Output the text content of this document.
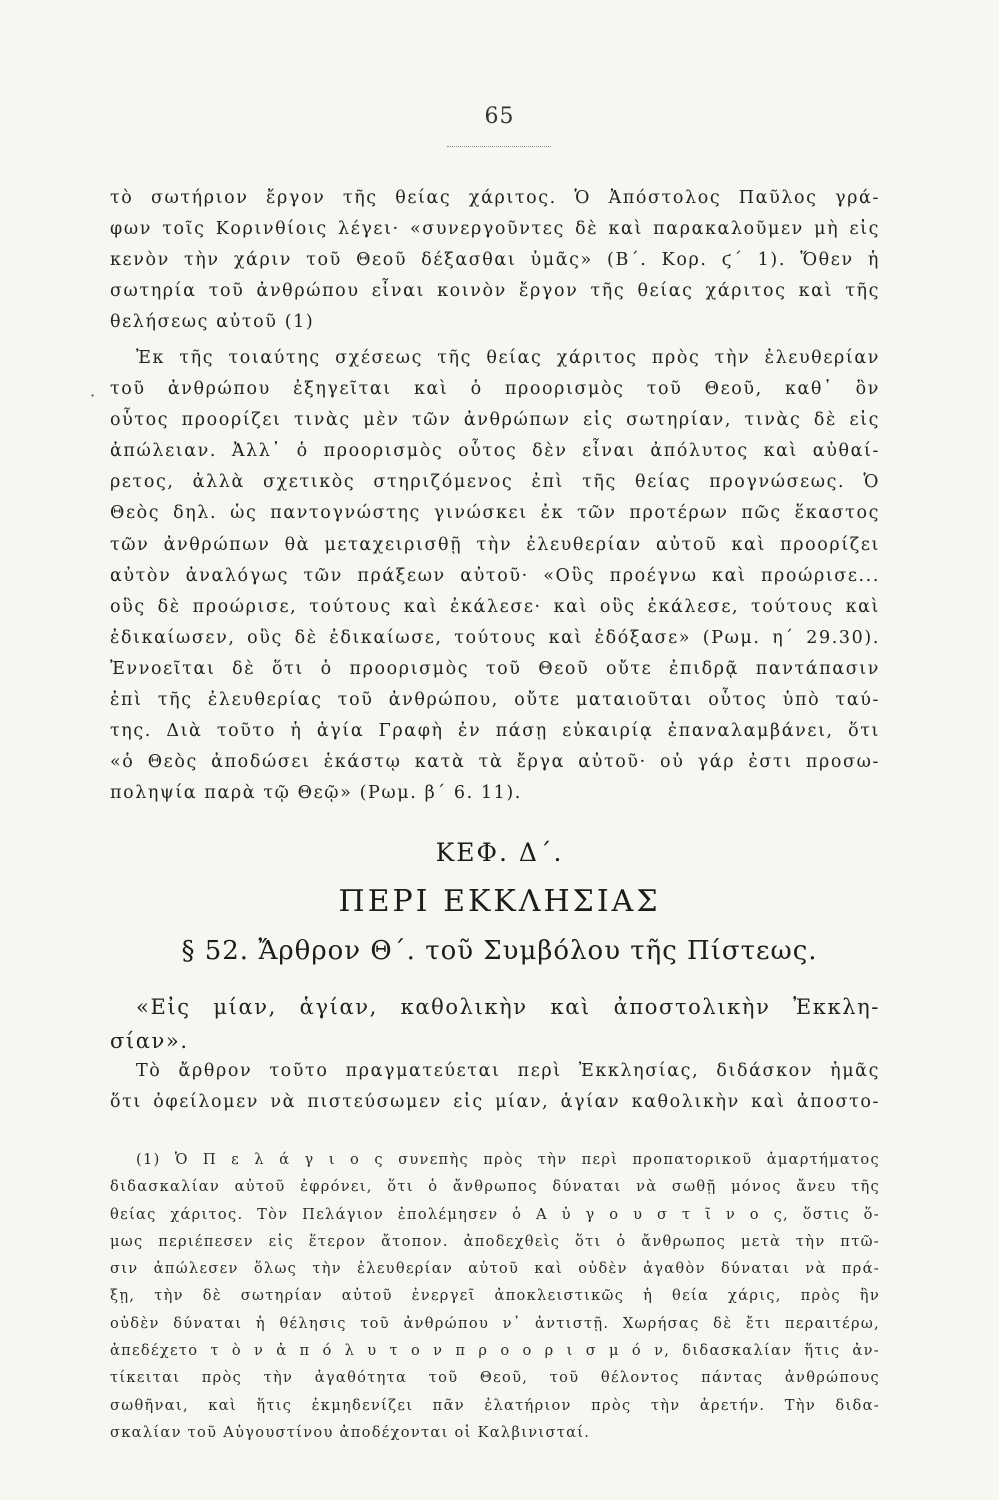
65
τὸ σωτήριον ἔργον τῆς θείας χάριτος. Ὁ Ἀπόστολος Παῦλος γρά-
φων τοῖς Κορινθίοις λέγει· «συνεργοῦντες δὲ καὶ παρακαλοῦμεν μὴ εἰς
κενὸν τὴν χάριν τοῦ Θεοῦ δέξασθαι ὑμᾶς» (Β΄. Κορ. ϛ΄ 1). Ὅθεν ἡ
σωτηρία τοῦ ἀνθρώπου εἶναι κοινὸν ἔργον τῆς θείας χάριτος καὶ τῆς
θελήσεως αὐτοῦ (1)
·
Ἐκ τῆς τοιαύτης σχέσεως τῆς θείας χάριτος πρὸς τὴν ἐλευθερίαν
τοῦ ἀνθρώπου ἐξηγεῖται καὶ ὁ προορισμὸς τοῦ Θεοῦ, καθ᾽ ὃν
οὗτος προορίζει τινὰς μὲν τῶν ἀνθρώπων εἰς σωτηρίαν, τινὰς δὲ εἰς
ἀπώλειαν. Ἀλλ᾽ ὁ προορισμὸς οὗτος δὲν εἶναι ἀπόλυτος καὶ αὐθαί-
ρετος, ἀλλὰ σχετικὸς στηριζόμενος ἐπὶ τῆς θείας προγνώσεως. Ὁ
Θεὸς δηλ. ὡς παντογνώστης γινώσκει ἐκ τῶν προτέρων πῶς ἕκαστος
τῶν ἀνθρώπων θὰ μεταχειρισθῇ τὴν ἐλευθερίαν αὐτοῦ καὶ προορίζει
αὐτὸν ἀναλόγως τῶν πράξεων αὐτοῦ· «Οὓς προέγνω καὶ προώρισε...
οὓς δὲ προώρισε, τούτους καὶ ἐκάλεσε· καὶ οὓς ἐκάλεσε, τούτους καὶ
ἐδικαίωσεν, οὓς δὲ ἐδικαίωσε, τούτους καὶ ἐδόξασε» (Ρωμ. η΄ 29.30).
Ἐννοεῖται δὲ ὅτι ὁ προορισμὸς τοῦ Θεοῦ οὔτε ἐπιδρᾷ παντάπασιν
ἐπὶ τῆς ἐλευθερίας τοῦ ἀνθρώπου, οὔτε ματαιοῦται οὗτος ὑπὸ ταύ-
της. Διὰ τοῦτο ἡ ἁγία Γραφὴ ἐν πάσῃ εὐκαιρίᾳ ἐπαναλαμβάνει, ὅτι
«ὁ Θεὸς ἀποδώσει ἑκάστῳ κατὰ τὰ ἔργα αὐτοῦ· οὐ γάρ ἐστι προσω-
ποληψία παρὰ τῷ Θεῷ» (Ρωμ. β΄ 6. 11).
ΚΕΦ. Δ΄.
ΠΕΡΙ ΕΚΚΛΗΣΙΑΣ
§ 52. Ἄρθρον Θ΄. τοῦ Συμβόλου τῆς Πίστεως.
«Εἰς μίαν, ἁγίαν, καθολικὴν καὶ ἀποστολικὴν Ἐκκλη-
σίαν».
Τὸ ἄρθρον τοῦτο πραγματεύεται περὶ Ἐκκλησίας, διδάσκον ἡμᾶς
ὅτι ὀφείλομεν νὰ πιστεύσωμεν εἰς μίαν, ἁγίαν καθολικὴν καὶ ἀποστο-
(1) Ὁ Π ε λ ά γ ι ο ς συνεπὴς πρὸς τὴν περὶ προπατορικοῦ ἁμαρτήματος
διδασκαλίαν αὐτοῦ ἐφρόνει, ὅτι ὁ ἄνθρωπος δύναται νὰ σωθῇ μόνος ἄνευ τῆς
θείας χάριτος. Τὸν Πελάγιον ἐπολέμησεν ὁ Α ὐ γ ο υ σ τ ῖ ν ο ς, ὅστις ὅ-
μως περιέπεσεν εἰς ἕτερον ἄτοπον. ἀποδεχθεὶς ὅτι ὁ ἄνθρωπος μετὰ τὴν πτῶ-
σιν ἀπώλεσεν ὅλως τὴν ἐλευθερίαν αὐτοῦ καὶ οὐδὲν ἀγαθὸν δύναται νὰ πρά-
ξῃ, τὴν δὲ σωτηρίαν αὐτοῦ ἐνεργεῖ ἀποκλειστικῶς ἡ θεία χάρις, πρὸς ἣν
οὐδὲν δύναται ἡ θέλησις τοῦ ἀνθρώπου ν᾽ ἀντιστῇ. Χωρήσας δὲ ἔτι περαιτέρω,
ἀπεδέχετο τ ὸ ν ἀ π ό λ υ τ ο ν π ρ ο ο ρ ι σ μ ό ν, διδασκαλίαν ἥτις ἀν-
τίκειται πρὸς τὴν ἀγαθότητα τοῦ Θεοῦ, τοῦ θέλοντος πάντας ἀνθρώπους
σωθῆναι, καὶ ἥτις ἐκμηδενίζει πᾶν ἐλατήριον πρὸς τὴν ἀρετήν. Τὴν διδα-
σκαλίαν τοῦ Αὐγουστίνου ἀποδέχονται οἱ Καλβινισταί.
